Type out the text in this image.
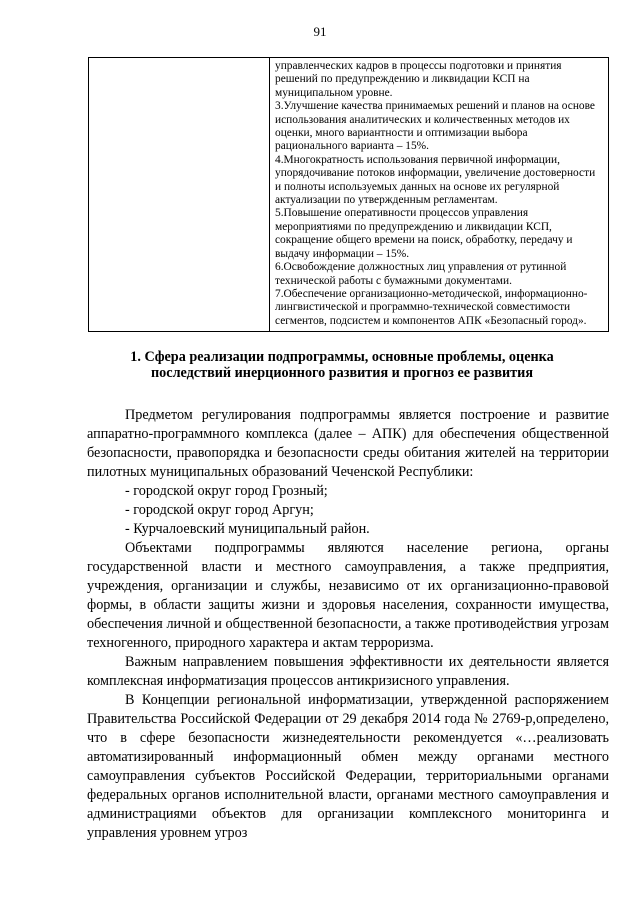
91

управленческих кадров в процессы подготовки и принятия решений по предупреждению и ликвидации КСП на муниципальном уровне.

3.Улучшение качества принимаемых решений и планов на основе использования аналитических и количественных методов их оценки, много вариантности и оптимизации выбора рационального варианта – 15%.

4.Многократность использования первичной информации, упорядочивание потоков информации, увеличение достоверности и полноты используемых данных на основе их регулярной актуализации по утвержденным регламентам.

5.Повышение оперативности процессов управления мероприятиями по предупреждению и ликвидации КСП, сокращение общего времени на поиск, обработку, передачу и выдачу информации – 15%.

6.Освобождение должностных лиц управления от рутинной технической работы с бумажными документами.

7.Обеспечение организационно-методической, информационно-лингвистической и программно-технической совместимости сегментов, подсистем и компонентов АПК «Безопасный город».

1. Сфера реализации подпрограммы, основные проблемы, оценка

последствий инерционного развития и прогноз ее развития

Предметом регулирования подпрограммы является построение и развитие аппаратно-программного комплекса (далее – АПК) для обеспечения общественной безопасности, правопорядка и безопасности среды обитания жителей на территории пилотных муниципальных образований Чеченской Республики:

- городской округ город Грозный;

- городской округ город Аргун;

- Курчалоевский муниципальный район.

Объектами подпрограммы являются население региона, органы государственной власти и местного самоуправления, а также предприятия, учреждения, организации и службы, независимо от их организационно-правовой формы, в области защиты жизни и здоровья населения, сохранности имущества, обеспечения личной и общественной безопасности, а также противодействия угрозам техногенного, природного характера и актам терроризма.

Важным направлением повышения эффективности их деятельности является комплексная информатизация процессов антикризисного управления.

В Концепции региональной информатизации, утвержденной распоряжением Правительства Российской Федерации от 29 декабря 2014 года № 2769-р,определено, что в сфере безопасности жизнедеятельности рекомендуется «…реализовать автоматизированный информационный обмен между органами местного самоуправления субъектов Российской Федерации, территориальными органами федеральных органов исполнительной власти, органами местного самоуправления и администрациями объектов для организации комплексного мониторинга и управления уровнем угроз
